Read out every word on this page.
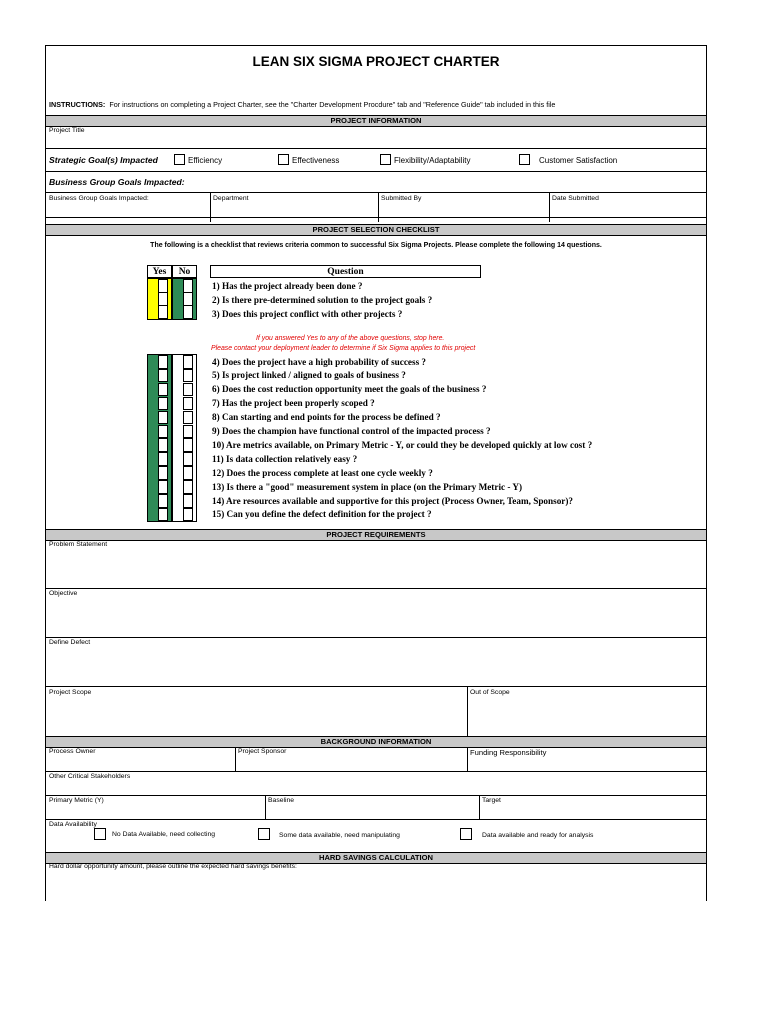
LEAN SIX SIGMA PROJECT CHARTER
INSTRUCTIONS: For instructions on completing a Project Charter, see the "Charter Development Procdure" tab and "Reference Guide" tab included in this file
PROJECT INFORMATION
Project Title
Strategic Goal(s) Impacted	Efficiency	Effectiveness	Flexibility/Adaptability	Customer Satisfaction
Business Group Goals Impacted:
Business Group Goals Impacted:	Department	Submitted By	Date Submitted
PROJECT SELECTION CHECKLIST
The following is a checklist that reviews criteria common to successful Six Sigma Projects. Please complete the following 14 questions.
Yes	No	Question
1) Has the project already been done ?
2) Is there pre-determined solution to the project goals ?
3) Does this project conflict with other projects ?
If you answered Yes to any of the above questions, stop here.
Please contact your deployment leader to determine if Six Sigma applies to this project
4) Does the project have a high probability of success ?
5) Is project linked / aligned to goals of business ?
6) Does the cost reduction opportunity meet the goals of the business ?
7) Has the project been properly scoped ?
8) Can starting and end points for the process be defined ?
9) Does the champion have functional control of the impacted process ?
10) Are metrics available, on Primary Metric - Y, or could they be developed quickly at low cost ?
11) Is data collection relatively easy ?
12) Does the process complete at least one cycle weekly ?
13) Is there a "good" measurement system in place (on the Primary Metric - Y)
14) Are resources available and supportive for this project (Process Owner, Team, Sponsor)?
15) Can you define the defect definition for the project ?
PROJECT REQUIREMENTS
Problem Statement
Objective
Define Defect
Project Scope	Out of Scope
BACKGROUND INFORMATION
Process Owner	Project Sponsor	Funding Responsibility
Other Critical Stakeholders
Primary Metric (Y)	Baseline	Target
Data Availability
No Data Available, need collecting	Some data available, need manipulating	Data available and ready for analysis
HARD SAVINGS CALCULATION
Hard dollar opportunity amount, please outline the expected hard savings benefits:
